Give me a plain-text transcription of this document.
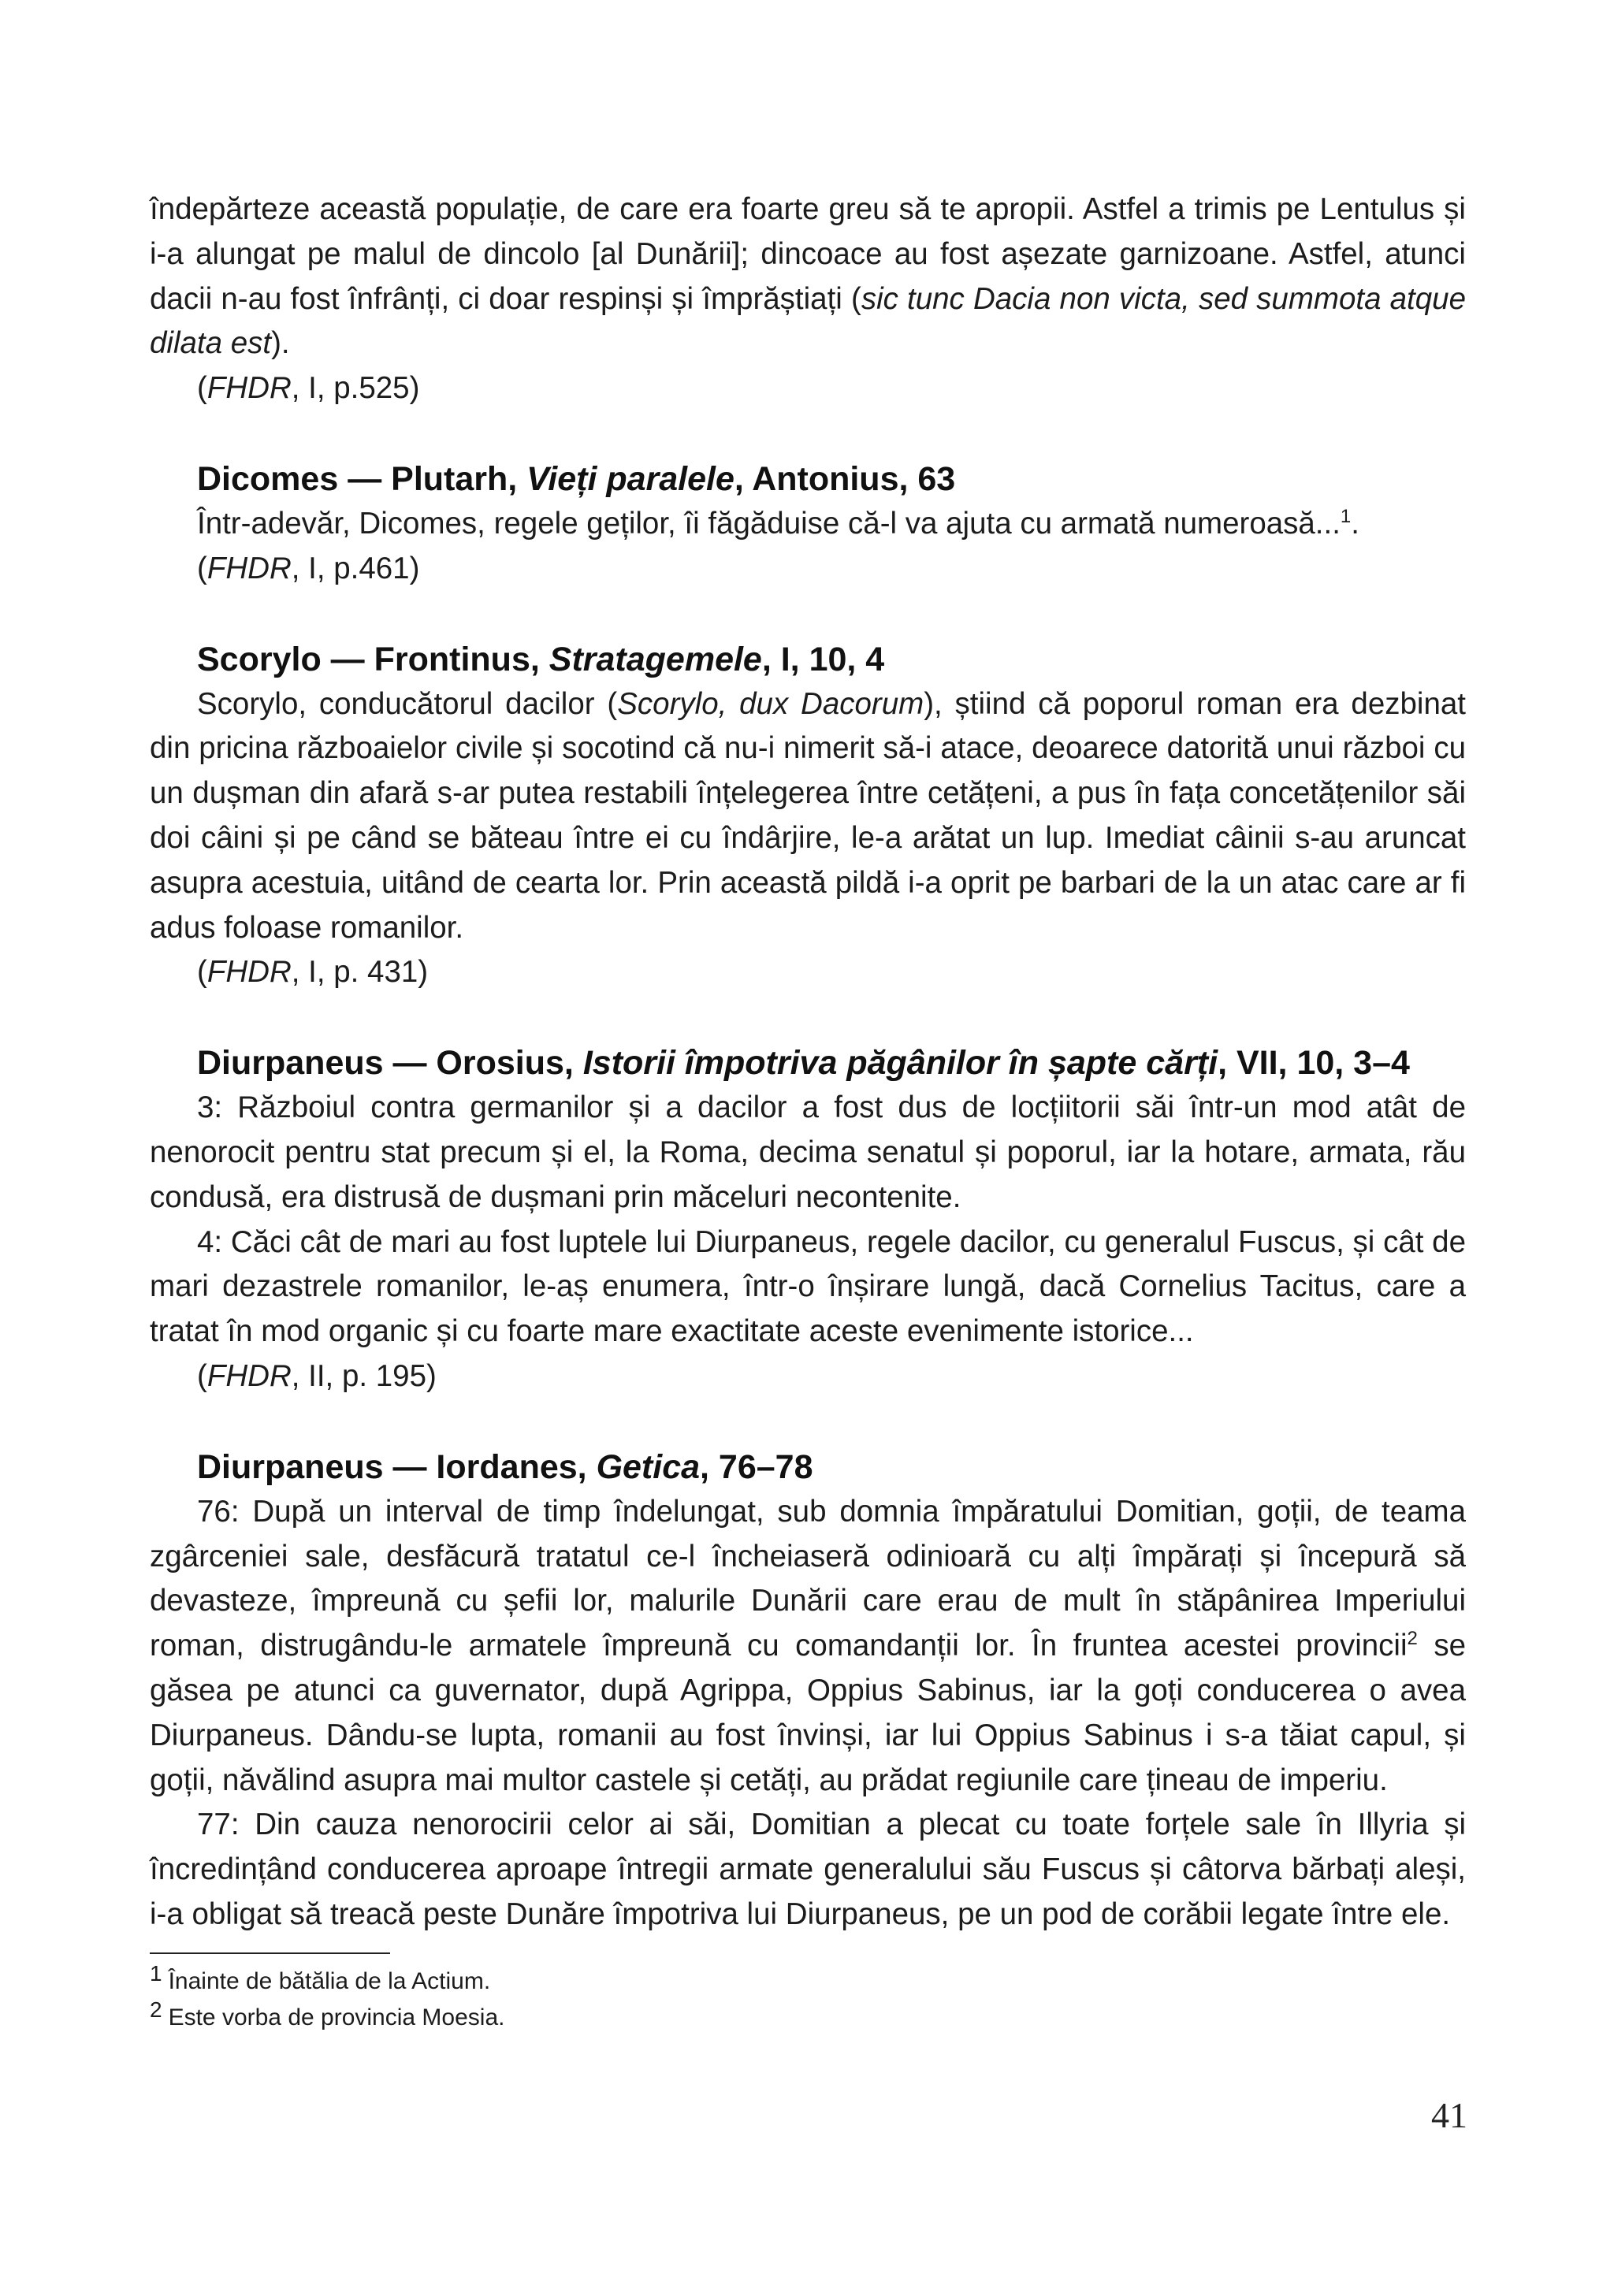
îndepărteze această populație, de care era foarte greu să te apropii. Astfel a trimis pe Lentulus și i-a alungat pe malul de dincolo [al Dunării]; dincoace au fost așezate garnizoane. Astfel, atunci dacii n-au fost înfrânți, ci doar respinși și împrăștiați (sic tunc Dacia non victa, sed summota atque dilata est).

(FHDR, I, p.525)

Dicomes — Plutarh, Vieți paralele, Antonius, 63

Într-adevăr, Dicomes, regele geților, îi făgăduise că-l va ajuta cu armată numeroasă...$^1$.

(FHDR, I, p.461)

Scorylo — Frontinus, Stratagemele, I, 10, 4

Scorylo, conducătorul dacilor (Scorylo, dux Dacorum), știind că poporul roman era dezbinat din pricina războaielor civile și socotind că nu-i nimerit să-i atace, deoarece datorită unui război cu un dușman din afară s-ar putea restabili înțelegerea între cetățeni, a pus în fața concetățenilor săi doi câini și pe când se băteau între ei cu îndârjire, le-a arătat un lup. Imediat câinii s-au aruncat asupra acestuia, uitând de cearta lor. Prin această pildă i-a oprit pe barbari de la un atac care ar fi adus foloase romanilor.

(FHDR, I, p. 431)

Diurpaneus — Orosius, Istorii împotriva păgânilor în șapte cărți, VII, 10, 3–4

3: Războiul contra germanilor și a dacilor a fost dus de locțiitorii săi într-un mod atât de nenorocit pentru stat precum și el, la Roma, decima senatul și poporul, iar la hotare, armata, rău condusă, era distrusă de dușmani prin măceluri necontenite.

4: Căci cât de mari au fost luptele lui Diurpaneus, regele dacilor, cu generalul Fuscus, și cât de mari dezastrele romanilor, le-aș enumera, într-o înșirare lungă, dacă Cornelius Tacitus, care a tratat în mod organic și cu foarte mare exactitate aceste evenimente istorice...

(FHDR, II, p. 195)

Diurpaneus — Iordanes, Getica, 76–78

76: După un interval de timp îndelungat, sub domnia împăratului Domitian, goții, de teama zgârceniei sale, desfăcură tratatul ce-l încheiaseră odinioară cu alți împărați și începură să devasteze, împreună cu șefii lor, malurile Dunării care erau de mult în stăpânirea Imperiului roman, distrugându-le armatele împreună cu comandanții lor. În fruntea acestei provincii$^2$ se găsea pe atunci ca guvernator, după Agrippa, Oppius Sabinus, iar la goți conducerea o avea Diurpaneus. Dându-se lupta, romanii au fost învinși, iar lui Oppius Sabinus i s-a tăiat capul, și goții, năvălind asupra mai multor castele și cetăți, au prădat regiunile care țineau de imperiu.

77: Din cauza nenorocirii celor ai săi, Domitian a plecat cu toate forțele sale în Illyria și încredințând conducerea aproape întregii armate generalului său Fuscus și câtorva bărbați aleși, i-a obligat să treacă peste Dunăre împotriva lui Diurpaneus, pe un pod de corăbii legate între ele.

$^1$ Înainte de bătălia de la Actium.

$^2$ Este vorba de provincia Moesia.

41
